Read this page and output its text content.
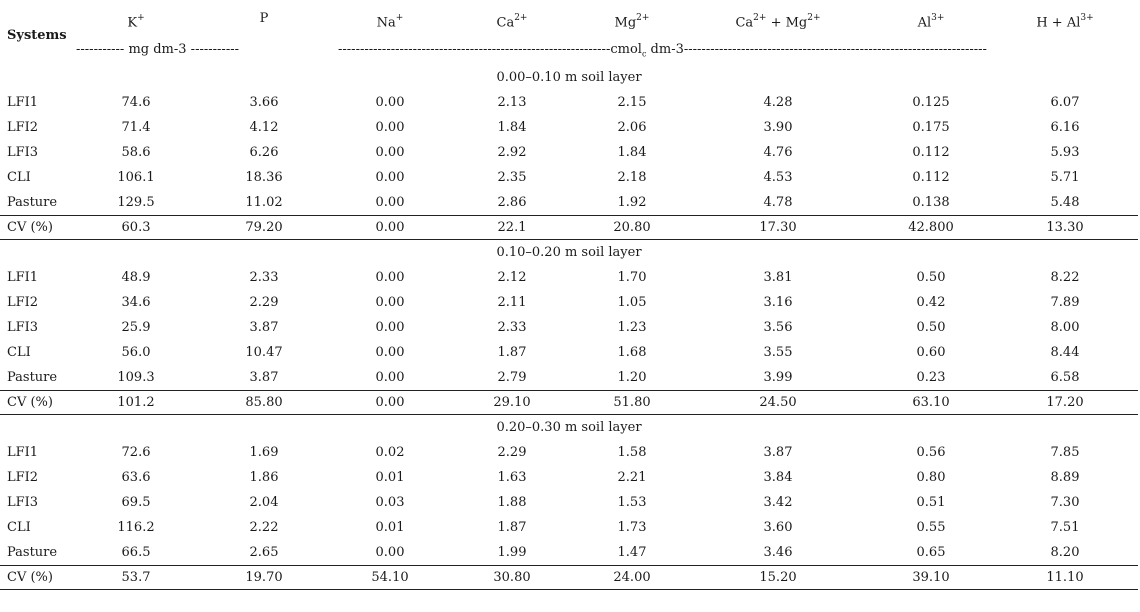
Systems
K+	P	Na+	$Ca^{2+}$	$Mg^{2+}$	$Ca^{2+} + Mg^{2+}$	$Al^{3+}$	$H + Al^{3+}$
----------- mg dm-3 -----------	--------------------------------------------------------------cmol$_c$ dm-3---------------------------------------------------------------------
0.00–0.10 m soil layer
LFI1	74.6	3.66	0.00	2.13	2.15	4.28	0.125	6.07
LFI2	71.4	4.12	0.00	1.84	2.06	3.90	0.175	6.16
LFI3	58.6	6.26	0.00	2.92	1.84	4.76	0.112	5.93
CLI	106.1	18.36	0.00	2.35	2.18	4.53	0.112	5.71
Pasture	129.5	11.02	0.00	2.86	1.92	4.78	0.138	5.48
CV (%)	60.3	79.20	0.00	22.1	20.80	17.30	42.800	13.30
0.10–0.20 m soil layer
LFI1	48.9	2.33	0.00	2.12	1.70	3.81	0.50	8.22
LFI2	34.6	2.29	0.00	2.11	1.05	3.16	0.42	7.89
LFI3	25.9	3.87	0.00	2.33	1.23	3.56	0.50	8.00
CLI	56.0	10.47	0.00	1.87	1.68	3.55	0.60	8.44
Pasture	109.3	3.87	0.00	2.79	1.20	3.99	0.23	6.58
CV (%)	101.2	85.80	0.00	29.10	51.80	24.50	63.10	17.20
0.20–0.30 m soil layer
LFI1	72.6	1.69	0.02	2.29	1.58	3.87	0.56	7.85
LFI2	63.6	1.86	0.01	1.63	2.21	3.84	0.80	8.89
LFI3	69.5	2.04	0.03	1.88	1.53	3.42	0.51	7.30
CLI	116.2	2.22	0.01	1.87	1.73	3.60	0.55	7.51
Pasture	66.5	2.65	0.00	1.99	1.47	3.46	0.65	8.20
CV (%)	53.7	19.70	54.10	30.80	24.00	15.20	39.10	11.10
